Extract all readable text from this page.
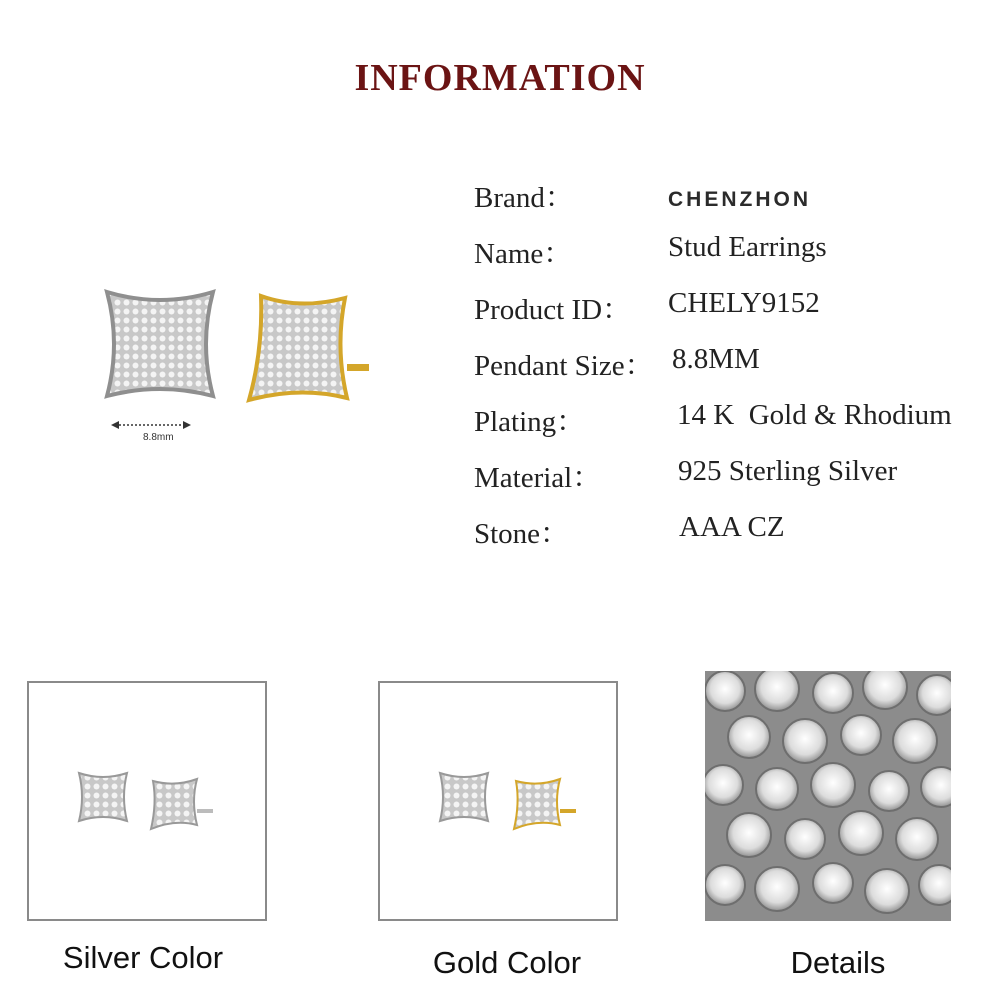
INFORMATION
8.8mm
Brand：	CHENZHON
Name：	Stud Earrings
Product ID： CHELY9152
Pendant Size： 8.8MM
Plating：	14 K  Gold & Rhodium
Material：	925 Sterling Silver
Stone：	AAA CZ
Silver Color	Gold Color	Details
